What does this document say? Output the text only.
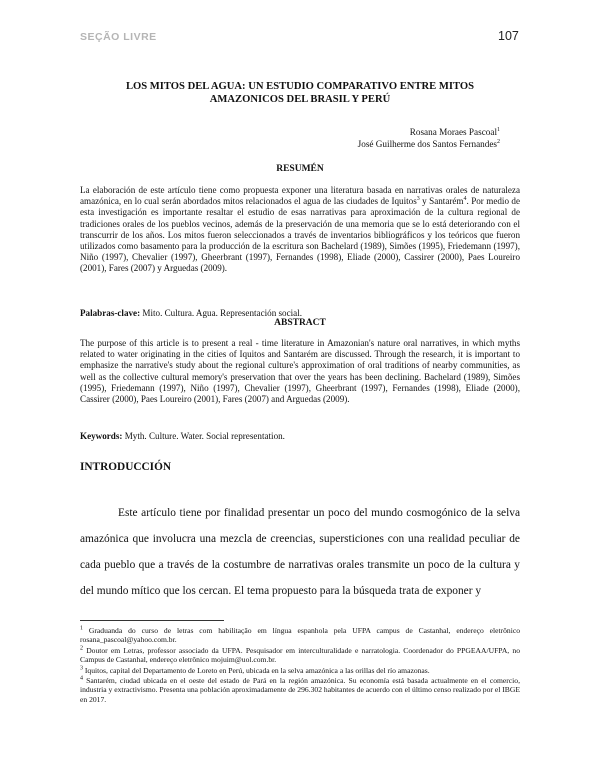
SEÇÃO LIVRE	107
LOS MITOS DEL AGUA: UN ESTUDIO COMPARATIVO ENTRE MITOS
AMAZONICOS DEL BRASIL Y PERÚ
Rosana Moraes Pascoal$^1$
José Guilherme dos Santos Fernandes$^2$
RESUMÉN

La elaboración de este artículo tiene como propuesta exponer una literatura basada en narrativas orales de naturaleza amazónica, en lo cual serán abordados mitos relacionados el agua de las ciudades de Iquitos$^3$ y Santarém$^4$. Por medio de esta investigación es importante resaltar el estudio de esas narrativas para aproximación de la cultura regional de tradiciones orales de los pueblos vecinos, además de la preservación de una memoria que se lo está deteriorando con el transcurrir de los años. Los mitos fueron seleccionados a través de inventarios bibliográficos y los teóricos que fueron utilizados como basamento para la producción de la escritura son Bachelard (1989), Simões (1995), Friedemann (1997), Niño (1997), Chevalier (1997), Gheerbrant (1997), Fernandes (1998), Eliade (2000), Cassirer (2000), Paes Loureiro (2001), Fares (2007) y Arguedas (2009).

Palabras-clave: Mito. Cultura. Agua. Representación social.

ABSTRACT

The purpose of this article is to present a real - time literature in Amazonian's nature oral narratives, in which myths related to water originating in the cities of Iquitos and Santarém are discussed. Through the research, it is important to emphasize the narrative's study about the regional culture's approximation of oral traditions of nearby communities, as well as the collective cultural memory's preservation that over the years has been declining. Bachelard (1989), Simões (1995), Friedemann (1997), Niño (1997), Chevalier (1997), Gheerbrant (1997), Fernandes (1998), Eliade (2000), Cassirer (2000), Paes Loureiro (2001), Fares (2007) and Arguedas (2009).

Keywords: Myth. Culture. Water. Social representation.

INTRODUCCIÓN

Este artículo tiene por finalidad presentar un poco del mundo cosmogónico de la selva amazónica que involucra una mezcla de creencias, supersticiones con una realidad peculiar de cada pueblo que a través de la costumbre de narrativas orales transmite un poco de la cultura y del mundo mítico que los cercan. El tema propuesto para la búsqueda trata de exponer y

$^1$ Graduanda do curso de letras com habilitação em língua espanhola pela UFPA campus de Castanhal, endereço eletrônico rosana_pascoal@yahoo.com.br.

$^2$ Doutor em Letras, professor associado da UFPA. Pesquisador em interculturalidade e narratologia. Coordenador do PPGEAA/UFPA, no Campus de Castanhal, endereço eletrônico mojuim@uol.com.br.

$^3$ Iquitos, capital del Departamento de Loreto en Perú, ubicada en la selva amazónica a las orillas del río amazonas.

$^4$ Santarém, ciudad ubicada en el oeste del estado de Pará en la región amazónica. Su economía está basada actualmente en el comercio, industria y extractivismo. Presenta una población aproximadamente de 296.302 habitantes de acuerdo con el último censo realizado por el IBGE en 2017.
